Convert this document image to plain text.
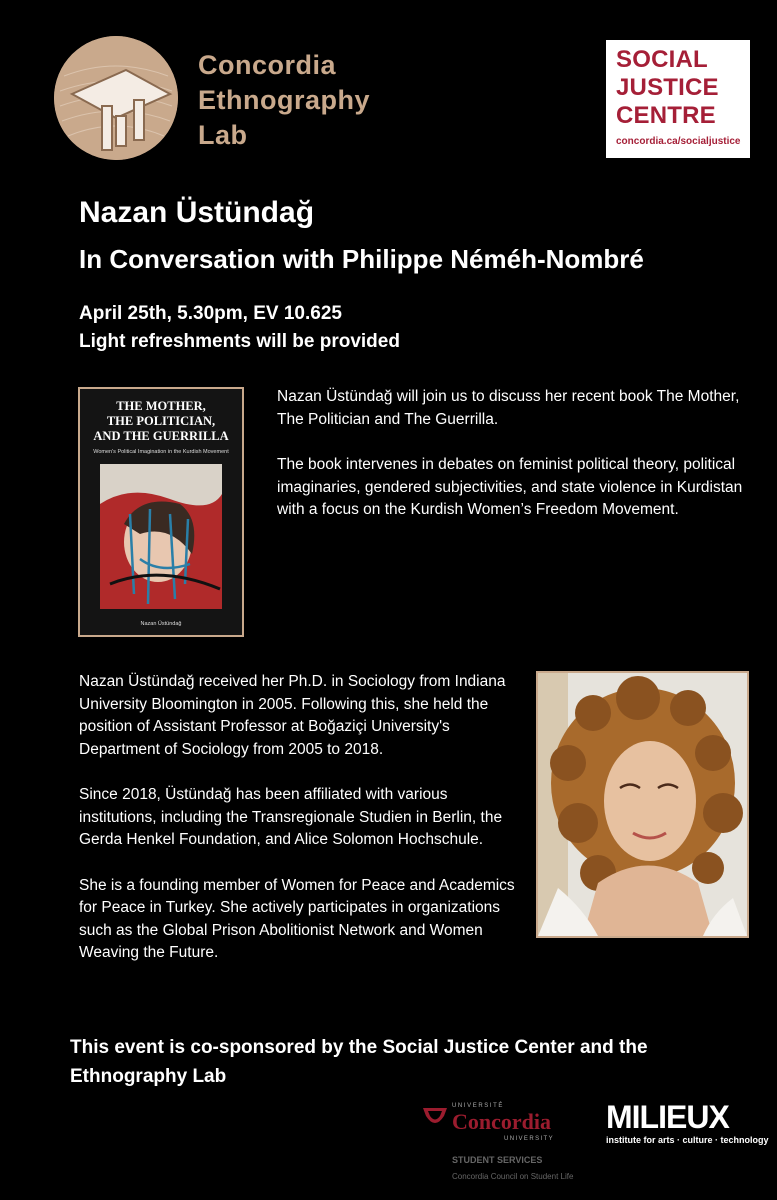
Concordia
Ethnography
Lab
SOCIAL
JUSTICE
CENTRE
concordia.ca/socialjustice
Nazan Üstündağ
In Conversation with Philippe Néméh-Nombré
April 25th, 5.30pm, EV 10.625
Light refreshments will be provided
THE MOTHER,
THE POLITICIAN,
AND THE GUERRILLA
Women's Political Imagination in the Kurdish Movement
Nazan Üstündağ

Nazan Üstündağ will join us to discuss her recent book The Mother, The Politician and The Guerrilla.

The book intervenes in debates on feminist political theory, political imaginaries, gendered subjectivities, and state violence in Kurdistan with a focus on the Kurdish Women’s Freedom Movement.

Nazan Üstündağ received her Ph.D. in Sociology from Indiana University Bloomington in 2005. Following this, she held the position of Assistant Professor at Boğaziçi University's Department of Sociology from 2005 to 2018.

Since 2018, Üstündağ has been affiliated with various institutions, including the Transregionale Studien in Berlin, the Gerda Henkel Foundation, and Alice Solomon Hochschule.

She is a founding member of Women for Peace and Academics for Peace in Turkey. She actively participates in organizations such as the Global Prison Abolitionist Network and Women Weaving the Future.

This event is co-sponsored by the Social Justice Center and the Ethnography Lab
UNIVERSITÉ
Concordia
UNIVERSITY
STUDENT SERVICES
Concordia Council on Student Life
MILIEUX
institute for arts · culture · technology
